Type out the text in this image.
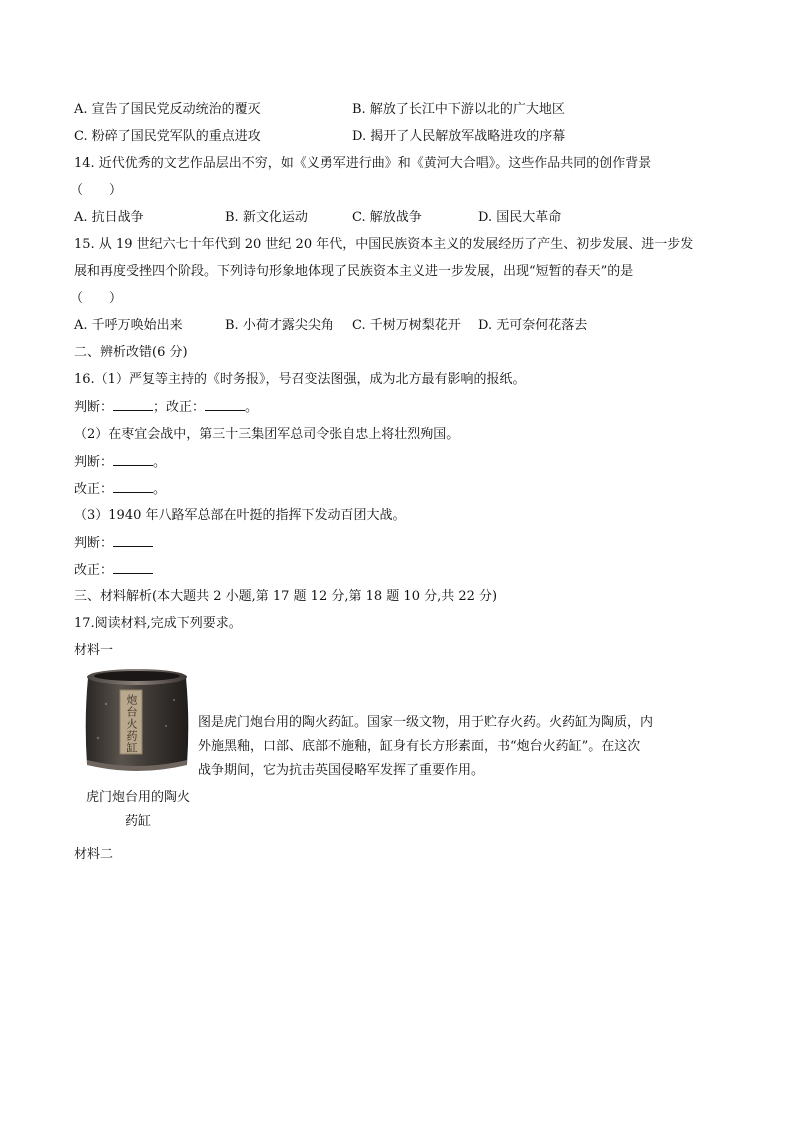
A. 宣告了国民党反动统治的覆灭	B. 解放了长江中下游以北的广大地区
C. 粉碎了国民党军队的重点进攻	D. 揭开了人民解放军战略进攻的序幕
14. 近代优秀的文艺作品层出不穷，如《义勇军进行曲》和《黄河大合唱》。这些作品共同的创作背景
（　　）
A. 抗日战争	B. 新文化运动	C. 解放战争	D. 国民大革命
15. 从 19 世纪六七十年代到 20 世纪 20 年代，中国民族资本主义的发展经历了产生、初步发展、进一步发
展和再度受挫四个阶段。下列诗句形象地体现了民族资本主义进一步发展，出现“短暂的春天”的是
（　　）
A. 千呼万唤始出来	B. 小荷才露尖尖角 C. 千树万树梨花开 D. 无可奈何花落去
二、辨析改错(6 分)
16.（1）严复等主持的《时务报》，号召变法图强，成为北方最有影响的报纸。
判断：	；改正：	。
（2）在枣宜会战中，第三十三集团军总司令张自忠上将壮烈殉国。
判断：	。
改正：	。
（3）1940 年八路军总部在叶挺的指挥下发动百团大战。
判断：
改正：
三、材料解析(本大题共 2 小题,第 17 题 12 分,第 18 题 10 分,共 22 分)
17.阅读材料,完成下列要求。
材料一
炮台火药缸
虎门炮台用的陶火
药缸
图是虎门炮台用的陶火药缸。国家一级文物，用于贮存火药。火药缸为陶质，内
外施黑釉，口部、底部不施釉，缸身有长方形素面，书“炮台火药缸”。在这次
战争期间，它为抗击英国侵略军发挥了重要作用。
材料二
